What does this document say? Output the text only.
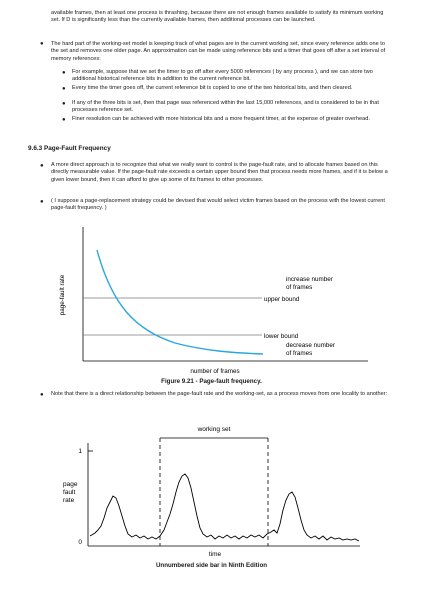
available frames, then at least one process is thrashing, because there are not enough frames available to satisfy its minimum working set. If D is significantly less than the currently available frames, then additional processes can be launched.

● The hard part of the working-set model is keeping track of what pages are in the current working set, since every reference adds one to the set and removes one older page. An approximation can be made using reference bits and a timer that goes off after a set interval of memory references:

● For example, suppose that we set the timer to go off after every 5000 references ( by any process ), and we can store two additional historical reference bits in addition to the current reference bit.

● Every time the timer goes off, the current reference bit is copied to one of the two historical bits, and then cleared.

● If any of the three bits is set, then that page was referenced within the last 15,000 references, and is considered to be in that processes reference set.

● Finer resolution can be achieved with more historical bits and a more frequent timer, at the expense of greater overhead.

9.6.3 Page-Fault Frequency

● A more direct approach is to recognize that what we really want to control is the page-fault rate, and to allocate frames based on this directly measurable value. If the page-fault rate exceeds a certain upper bound then that process needs more frames, and if it is below a given lower bound, then it can afford to give up some of its frames to other processes.

● ( I suppose a page-replacement strategy could be devised that would select victim frames based on the process with the lowest current page-fault frequency. )

page-fault rate	increase number
of frames
upper bound
lower bound
decrease number
of frames
number of frames

Figure 9.21 - Page-fault frequency.

● Note that there is a direct relationship between the page-fault rate and the working-set, as a process moves from one locality to another:

working set
1
0
page
fault
rate
time

Unnumbered side bar in Ninth Edition
